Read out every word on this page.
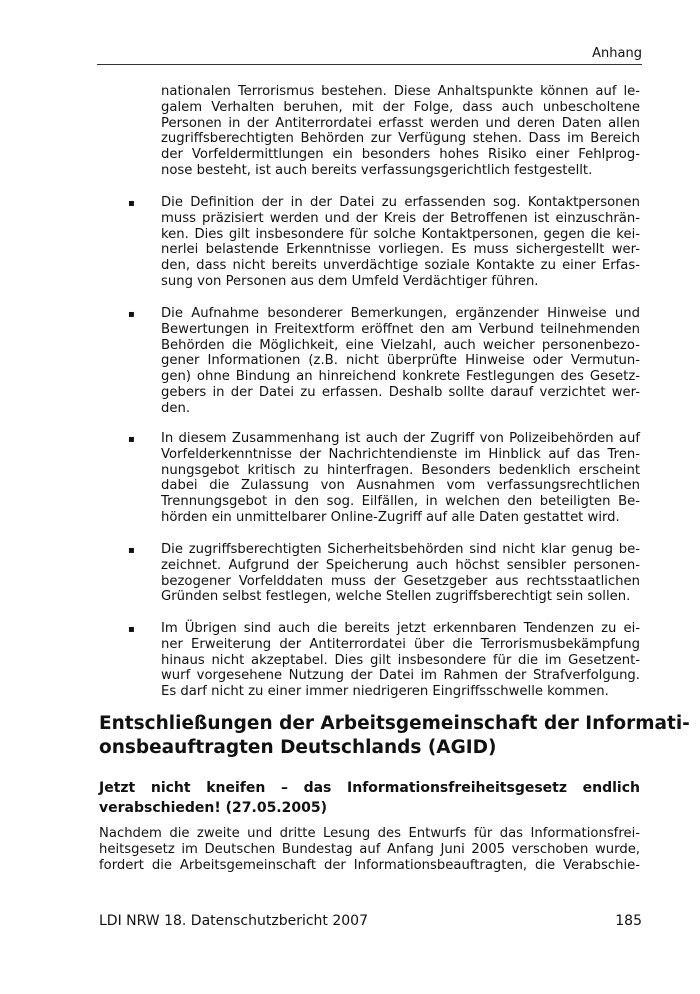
Anhang
nationalen Terrorismus bestehen. Diese Anhaltspunkte können auf le-
galem Verhalten beruhen, mit der Folge, dass auch unbescholtene
Personen in der Antiterrordatei erfasst werden und deren Daten allen
zugriffsberechtigten Behörden zur Verfügung stehen. Dass im Bereich
der Vorfeldermittlungen ein besonders hohes Risiko einer Fehlprog-
nose besteht, ist auch bereits verfassungsgerichtlich festgestellt.
▪ Die Definition der in der Datei zu erfassenden sog. Kontaktpersonen
muss präzisiert werden und der Kreis der Betroffenen ist einzuschrän-
ken. Dies gilt insbesondere für solche Kontaktpersonen, gegen die kei-
nerlei belastende Erkenntnisse vorliegen. Es muss sichergestellt wer-
den, dass nicht bereits unverdächtige soziale Kontakte zu einer Erfas-
sung von Personen aus dem Umfeld Verdächtiger führen.
▪ Die Aufnahme besonderer Bemerkungen, ergänzender Hinweise und
Bewertungen in Freitextform eröffnet den am Verbund teilnehmenden
Behörden die Möglichkeit, eine Vielzahl, auch weicher personenbezo-
gener Informationen (z.B. nicht überprüfte Hinweise oder Vermutun-
gen) ohne Bindung an hinreichend konkrete Festlegungen des Gesetz-
gebers in der Datei zu erfassen. Deshalb sollte darauf verzichtet wer-
den.
▪ In diesem Zusammenhang ist auch der Zugriff von Polizeibehörden auf
Vorfelderkenntnisse der Nachrichtendienste im Hinblick auf das Tren-
nungsgebot kritisch zu hinterfragen. Besonders bedenklich erscheint
dabei die Zulassung von Ausnahmen vom verfassungsrechtlichen
Trennungsgebot in den sog. Eilfällen, in welchen den beteiligten Be-
hörden ein unmittelbarer Online-Zugriff auf alle Daten gestattet wird.
▪ Die zugriffsberechtigten Sicherheitsbehörden sind nicht klar genug be-
zeichnet. Aufgrund der Speicherung auch höchst sensibler personen-
bezogener Vorfelddaten muss der Gesetzgeber aus rechtsstaatlichen
Gründen selbst festlegen, welche Stellen zugriffsberechtigt sein sollen.
▪ Im Übrigen sind auch die bereits jetzt erkennbaren Tendenzen zu ei-
ner Erweiterung der Antiterrordatei über die Terrorismusbekämpfung
hinaus nicht akzeptabel. Dies gilt insbesondere für die im Gesetzent-
wurf vorgesehene Nutzung der Datei im Rahmen der Strafverfolgung.
Es darf nicht zu einer immer niedrigeren Eingriffsschwelle kommen.
Entschließungen der Arbeitsgemeinschaft der Informati-
onsbeauftragten Deutschlands (AGID)
Jetzt nicht kneifen – das Informationsfreiheitsgesetz endlich
verabschieden! (27.05.2005)
Nachdem die zweite und dritte Lesung des Entwurfs für das Informationsfrei-
heitsgesetz im Deutschen Bundestag auf Anfang Juni 2005 verschoben wurde,
fordert die Arbeitsgemeinschaft der Informationsbeauftragten, die Verabschie-
LDI NRW 18. Datenschutzbericht 2007	185
